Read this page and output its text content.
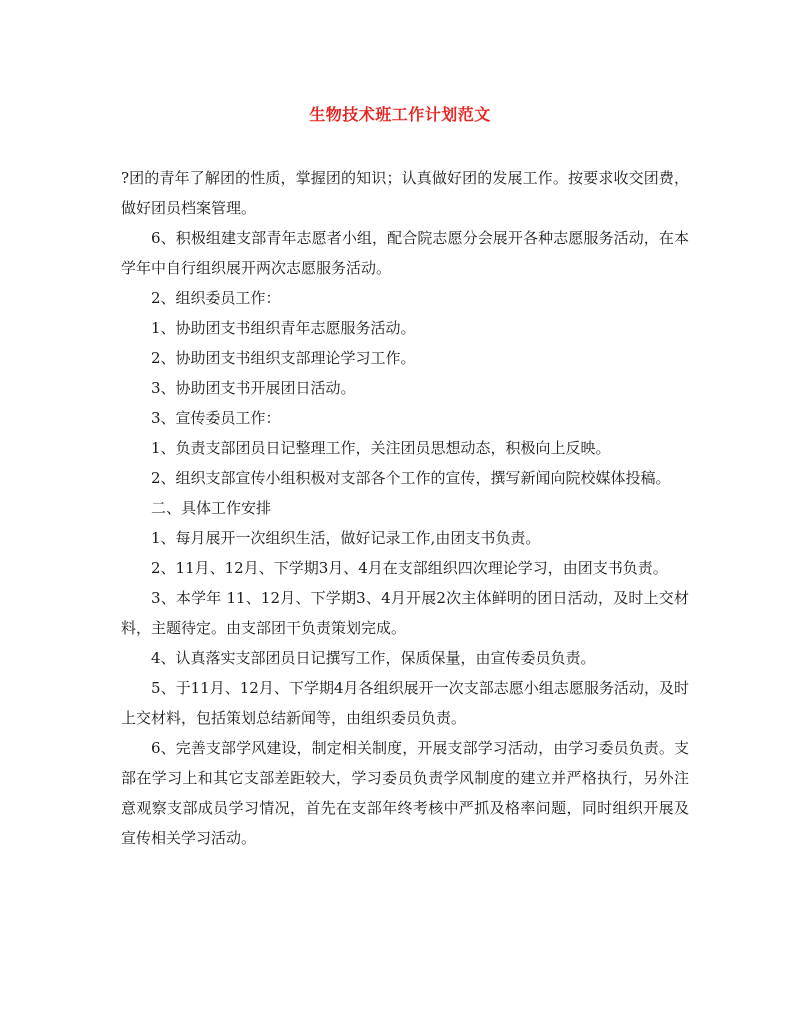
生物技术班工作计划范文

?团的青年了解团的性质，掌握团的知识；认真做好团的发展工作。按要求收交团费，做好团员档案管理。

6、积极组建支部青年志愿者小组，配合院志愿分会展开各种志愿服务活动，在本学年中自行组织展开两次志愿服务活动。

2、组织委员工作：

1、协助团支书组织青年志愿服务活动。

2、协助团支书组织支部理论学习工作。

3、协助团支书开展团日活动。

3、宣传委员工作：

1、负责支部团员日记整理工作，关注团员思想动态，积极向上反映。

2、组织支部宣传小组积极对支部各个工作的宣传，撰写新闻向院校媒体投稿。

二、具体工作安排

1、每月展开一次组织生活，做好记录工作,由团支书负责。

2、11月、12月、下学期3月、4月在支部组织四次理论学习，由团支书负责。

3、本学年 11、12月、下学期3、4月开展2次主体鲜明的团日活动，及时上交材料，主题待定。由支部团干负责策划完成。

4、认真落实支部团员日记撰写工作，保质保量，由宣传委员负责。

5、于11月、12月、下学期4月各组织展开一次支部志愿小组志愿服务活动，及时上交材料，包括策划总结新闻等，由组织委员负责。

6、完善支部学风建设，制定相关制度，开展支部学习活动，由学习委员负责。支部在学习上和其它支部差距较大，学习委员负责学风制度的建立并严格执行，另外注意观察支部成员学习情况，首先在支部年终考核中严抓及格率问题，同时组织开展及宣传相关学习活动。
